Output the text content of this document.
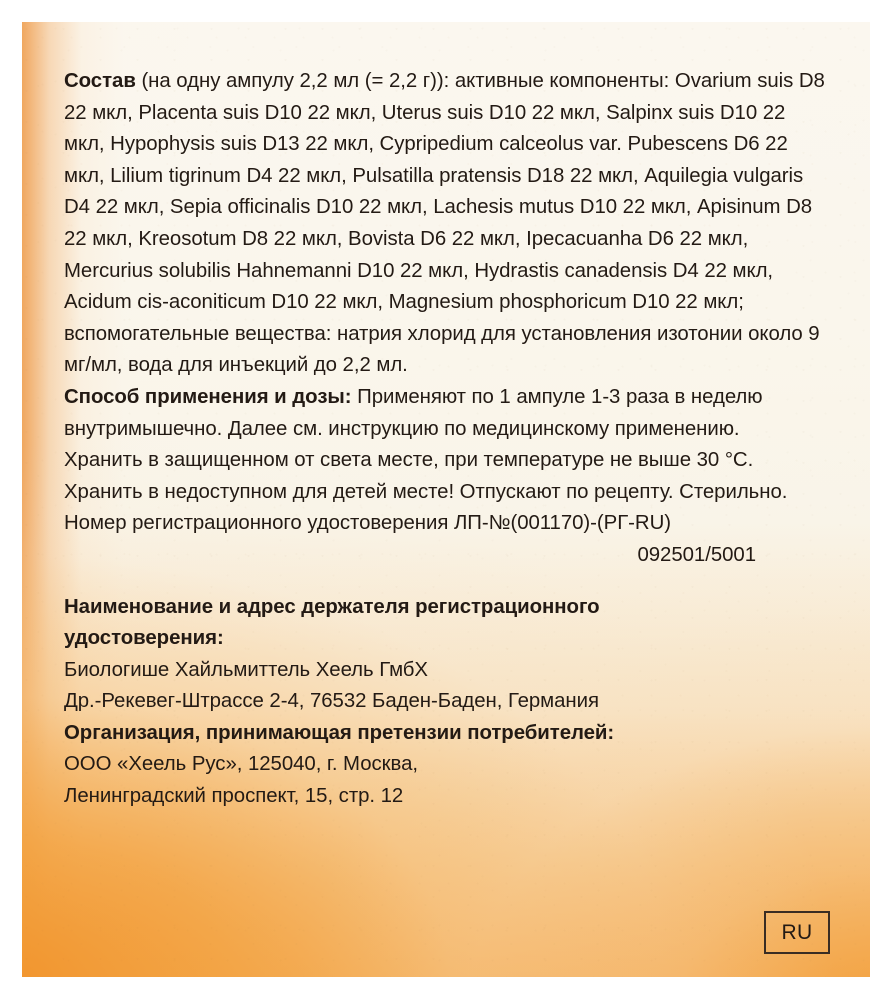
Состав (на одну ампулу 2,2 мл (= 2,2 г)): активные компоненты: Ovarium suis D8 22 мкл, Placenta suis D10 22 мкл, Uterus suis D10 22 мкл, Salpinx suis D10 22 мкл, Hypophysis suis D13 22 мкл, Cypripedium calceolus var. Pubescens D6 22 мкл, Lilium tigrinum D4 22 мкл, Pulsatilla pratensis D18 22 мкл, Aquilegia vulgaris D4 22 мкл, Sepia officinalis D10 22 мкл, Lachesis mutus D10 22 мкл, Apisinum D8 22 мкл, Kreosotum D8 22 мкл, Bovista D6 22 мкл, Ipecacuanha D6 22 мкл, Mercurius solubilis Hahnemanni D10 22 мкл, Hydrastis canadensis D4 22 мкл, Acidum cis-aconiticum D10 22 мкл, Magnesium phosphoricum D10 22 мкл; вспомогательные вещества: натрия хлорид для установления изотонии около 9 мг/мл, вода для инъекций до 2,2 мл.

Способ применения и дозы: Применяют по 1 ампуле 1-3 раза в неделю внутримышечно. Далее см. инструкцию по медицинскому применению.

Хранить в защищенном от света месте, при температуре не выше 30 °C.

Хранить в недоступном для детей месте! Отпускают по рецепту. Стерильно.

Номер регистрационного удостоверения ЛП-№(001170)-(РГ-RU)

092501/5001

Наименование и адрес держателя регистрационного

удостоверения:

Биологише Хайльмиттель Хеель ГмбХ

Др.-Рекевег-Штрассе 2-4, 76532 Баден-Баден, Германия

Организация, принимающая претензии потребителей:

ООО «Хеель Рус», 125040, г. Москва,

Ленинградский проспект, 15, стр. 12

RU
